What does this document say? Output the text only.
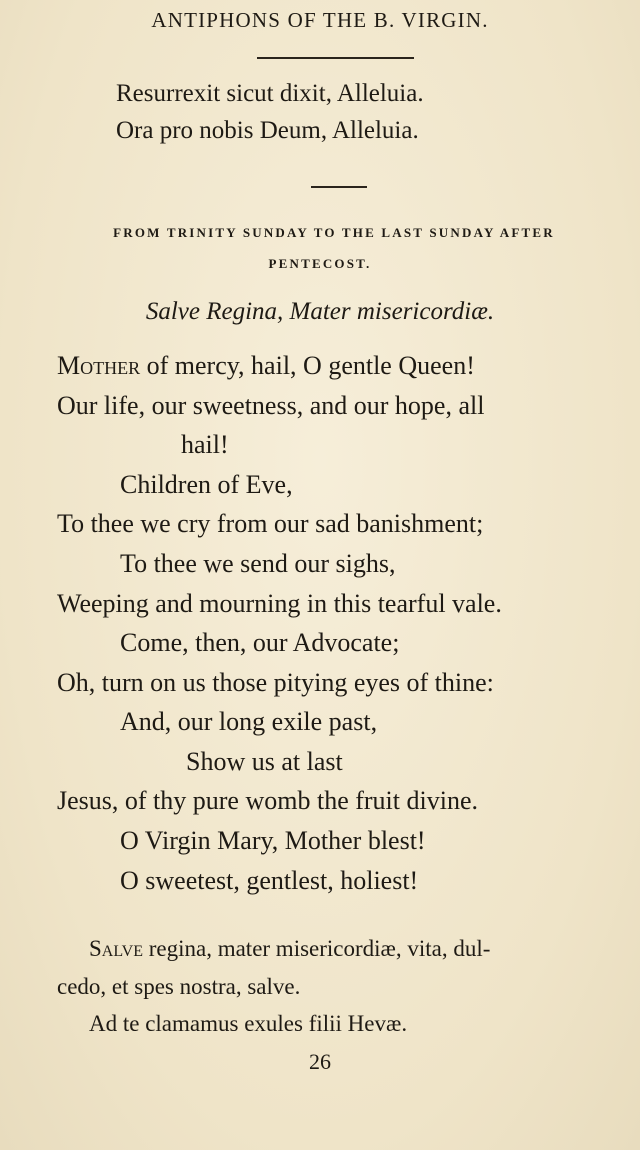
ANTIPHONS OF THE B. VIRGIN.
Resurrexit sicut dixit, Alleluia.
Ora pro nobis Deum, Alleluia.
FROM TRINITY SUNDAY TO THE LAST SUNDAY AFTER
PENTECOST.
Salve Regina, Mater misericordiæ.
Mother of mercy, hail, O gentle Queen!
Our life, our sweetness, and our hope, all
hail!
Children of Eve,
To thee we cry from our sad banishment;
To thee we send our sighs,
Weeping and mourning in this tearful vale.
Come, then, our Advocate;
Oh, turn on us those pitying eyes of thine:
And, our long exile past,
Show us at last
Jesus, of thy pure womb the fruit divine.
O Virgin Mary, Mother blest!
O sweetest, gentlest, holiest!
Salve regina, mater misericordiæ, vita, dul-
cedo, et spes nostra, salve.
Ad te clamamus exules filii Hevæ.
26
